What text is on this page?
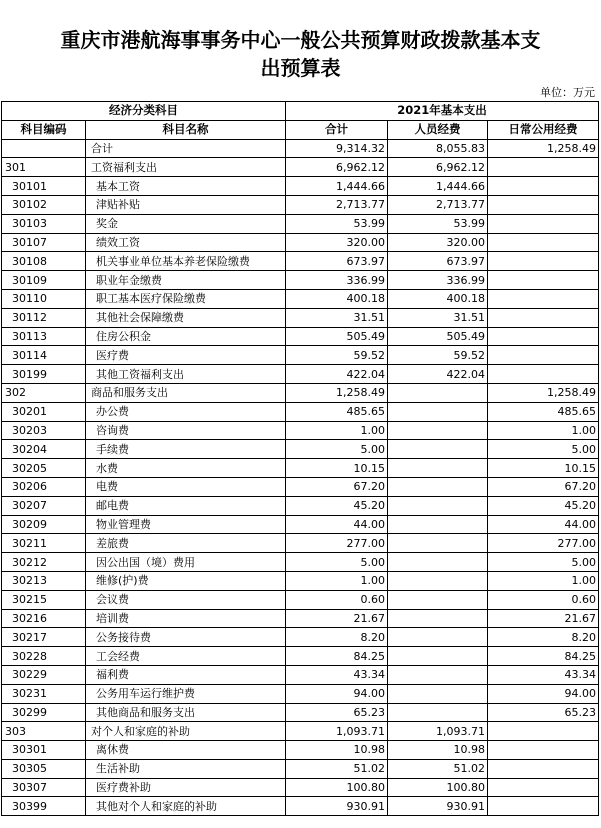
重庆市港航海事事务中心一般公共预算财政拨款基本支
出预算表
单位：万元
经济分类科目		2021年基本支出		
科目编码	科目名称	合计	人员经费	日常公用经费
	合计	9,314.32	8,055.83	1,258.49
301	工资福利支出	6,962.12	6,962.12	
30101	基本工资	1,444.66	1,444.66	
30102	津贴补贴	2,713.77	2,713.77	
30103	奖金	53.99	53.99	
30107	绩效工资	320.00	320.00	
30108	机关事业单位基本养老保险缴费	673.97	673.97	
30109	职业年金缴费	336.99	336.99	
30110	职工基本医疗保险缴费	400.18	400.18	
30112	其他社会保障缴费	31.51	31.51	
30113	住房公积金	505.49	505.49	
30114	医疗费	59.52	59.52	
30199	其他工资福利支出	422.04	422.04	
302	商品和服务支出	1,258.49		1,258.49
30201	办公费	485.65		485.65
30203	咨询费	1.00		1.00
30204	手续费	5.00		5.00
30205	水费	10.15		10.15
30206	电费	67.20		67.20
30207	邮电费	45.20		45.20
30209	物业管理费	44.00		44.00
30211	差旅费	277.00		277.00
30212	因公出国（境）费用	5.00		5.00
30213	维修(护)费	1.00		1.00
30215	会议费	0.60		0.60
30216	培训费	21.67		21.67
30217	公务接待费	8.20		8.20
30228	工会经费	84.25		84.25
30229	福利费	43.34		43.34
30231	公务用车运行维护费	94.00		94.00
30299	其他商品和服务支出	65.23		65.23
303	对个人和家庭的补助	1,093.71	1,093.71	
30301	离休费	10.98	10.98	
30305	生活补助	51.02	51.02	
30307	医疗费补助	100.80	100.80	
30399	其他对个人和家庭的补助	930.91	930.91	
